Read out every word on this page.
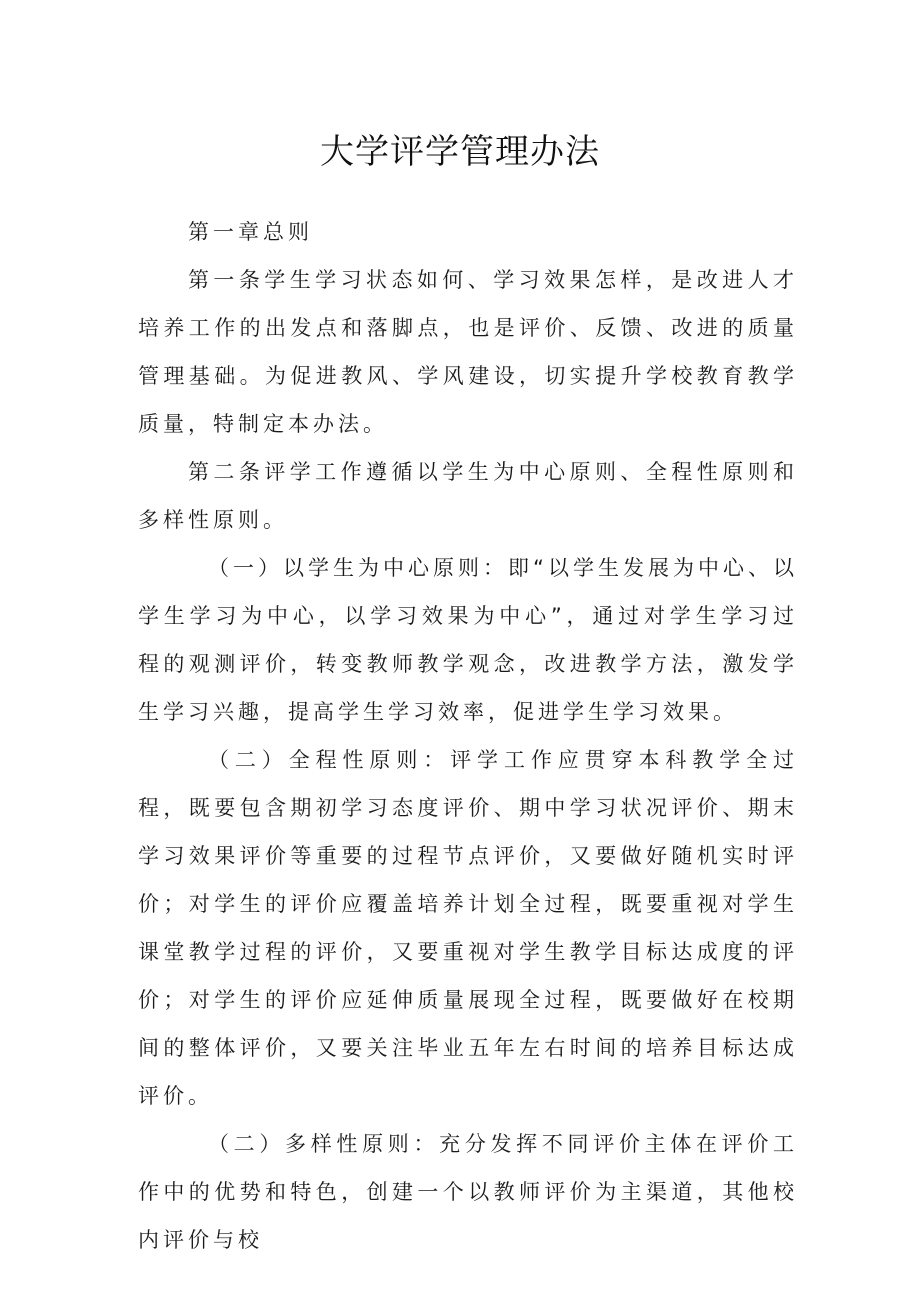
大学评学管理办法

第一章总则

第一条学生学习状态如何、学习效果怎样，是改进人才培养工作的出发点和落脚点，也是评价、反馈、改进的质量管理基础。为促进教风、学风建设，切实提升学校教育教学质量，特制定本办法。

第二条评学工作遵循以学生为中心原则、全程性原则和多样性原则。

（一）以学生为中心原则：即“以学生发展为中心、以学生学习为中心，以学习效果为中心”，通过对学生学习过程的观测评价，转变教师教学观念，改进教学方法，激发学生学习兴趣，提高学生学习效率，促进学生学习效果。

（二）全程性原则：评学工作应贯穿本科教学全过程，既要包含期初学习态度评价、期中学习状况评价、期末学习效果评价等重要的过程节点评价，又要做好随机实时评价；对学生的评价应覆盖培养计划全过程，既要重视对学生课堂教学过程的评价，又要重视对学生教学目标达成度的评价；对学生的评价应延伸质量展现全过程，既要做好在校期间的整体评价，又要关注毕业五年左右时间的培养目标达成评价。

（二）多样性原则：充分发挥不同评价主体在评价工作中的优势和特色，创建一个以教师评价为主渠道，其他校内评价与校
